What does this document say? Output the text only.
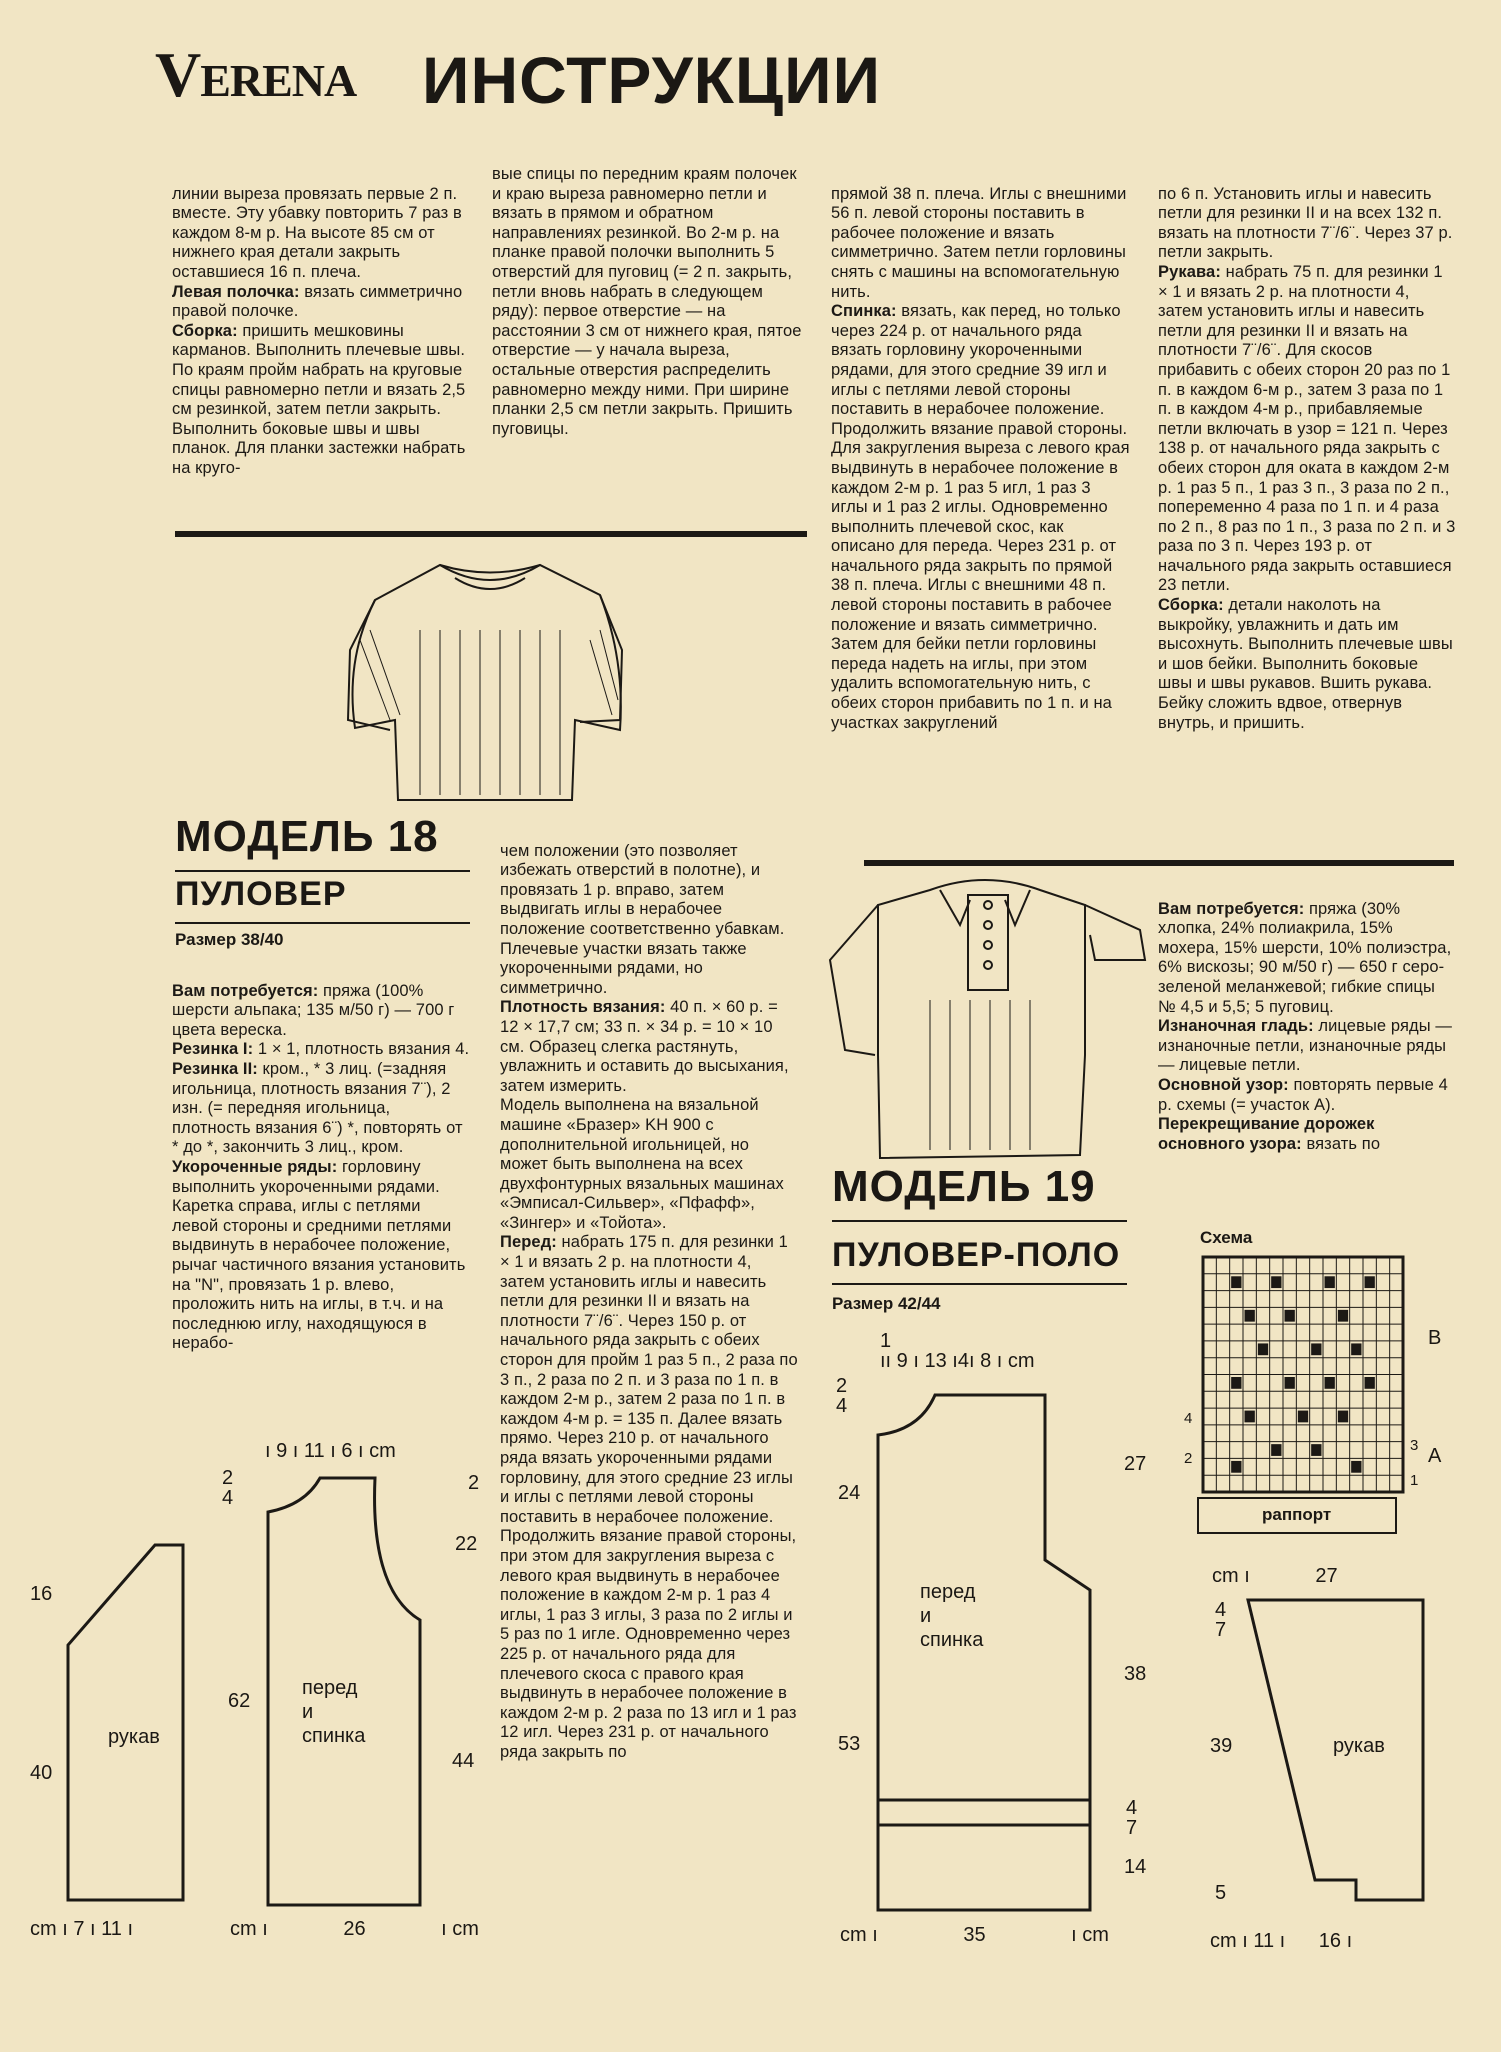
VERENA ИНСТРУКЦИИ

линии выреза провязать первые 2 п. вместе. Эту убавку повторить 7 раз в каждом 8-м р. На высоте 85 см от нижнего края детали закрыть оставшиеся 16 п. плеча.
Левая полочка: вязать симметрично правой полочке.
Сборка: пришить мешковины карманов. Выполнить плечевые швы. По краям пройм набрать на круговые спицы равномерно петли и вязать 2,5 см резинкой, затем петли закрыть. Выполнить боковые швы и швы планок. Для планки застежки набрать на круго-

вые спицы по передним краям полочек и краю выреза равномерно петли и вязать в прямом и обратном направлениях резинкой. Во 2-м р. на планке правой полочки выполнить 5 отверстий для пуговиц (= 2 п. закрыть, петли вновь набрать в следующем ряду): первое отверстие — на расстоянии 3 см от нижнего края, пятое отверстие — у начала выреза, остальные отверстия распределить равномерно между ними. При ширине планки 2,5 см петли закрыть. Пришить пуговицы.

прямой 38 п. плеча. Иглы с внешними 56 п. левой стороны поставить в рабочее положение и вязать симметрично. Затем петли горловины снять с машины на вспомогательную нить.
Спинка: вязать, как перед, но только через 224 р. от начального ряда вязать горловину укороченными рядами, для этого средние 39 игл и иглы с петлями левой стороны поставить в нерабочее положение. Продолжить вязание правой стороны. Для закругления выреза с левого края выдвинуть в нерабочее положение в каждом 2-м р. 1 раз 5 игл, 1 раз 3 иглы и 1 раз 2 иглы. Одновременно выполнить плечевой скос, как описано для переда. Через 231 р. от начального ряда закрыть по прямой 38 п. плеча. Иглы с внешними 48 п. левой стороны поставить в рабочее положение и вязать симметрично. Затем для бейки петли горловины переда надеть на иглы, при этом удалить вспомогательную нить, с обеих сторон прибавить по 1 п. и на участках закруглений

по 6 п. Установить иглы и навесить петли для резинки II и на всех 132 п. вязать на плотности 7¨/6¨. Через 37 р. петли закрыть.
Рукава: набрать 75 п. для резинки 1 × 1 и вязать 2 р. на плотности 4, затем установить иглы и навесить петли для резинки II и вязать на плотности 7¨/6¨. Для скосов прибавить с обеих сторон 20 раз по 1 п. в каждом 6-м р., затем 3 раза по 1 п. в каждом 4-м р., прибавляемые петли включать в узор = 121 п. Через 138 р. от начального ряда закрыть с обеих сторон для оката в каждом 2-м р. 1 раз 5 п., 1 раз 3 п., 3 раза по 2 п., попеременно 4 раза по 1 п. и 4 раза по 2 п., 8 раз по 1 п., 3 раза по 2 п. и 3 раза по 3 п. Через 193 р. от начального ряда закрыть оставшиеся 23 петли.
Сборка: детали наколоть на выкройку, увлажнить и дать им высохнуть. Выполнить плечевые швы и шов бейки. Выполнить боковые швы и швы рукавов. Вшить рукава. Бейку сложить вдвое, отвернув внутрь, и пришить.

МОДЕЛЬ 18
ПУЛОВЕР
Размер 38/40

Вам потребуется: пряжа (100% шерсти альпака; 135 м/50 г) — 700 г цвета вереска.
Резинка I: 1 × 1, плотность вязания 4.
Резинка II: кром., * 3 лиц. (=задняя игольница, плотность вязания 7¨), 2 изн. (= передняя игольница, плотность вязания 6¨) *, повторять от * до *, закончить 3 лиц., кром.
Укороченные ряды: горловину выполнить укороченными рядами. Каретка справа, иглы с петлями левой стороны и средними петлями выдвинуть в нерабочее положение, рычаг частичного вязания установить на "N", провязать 1 р. влево, проложить нить на иглы, в т.ч. и на последнюю иглу, находящуюся в нерабо-

чем положении (это позволяет избежать отверстий в полотне), и провязать 1 р. вправо, затем выдвигать иглы в нерабочее положение соответственно убавкам. Плечевые участки вязать также укороченными рядами, но симметрично.
Плотность вязания: 40 п. × 60 р. = 12 × 17,7 см; 33 п. × 34 р. = 10 × 10 см. Образец слегка растянуть, увлажнить и оставить до высыхания, затем измерить.
Модель выполнена на вязальной машине «Бразер» KH 900 с дополнительной игольницей, но может быть выполнена на всех двухфонтурных вязальных машинах «Эмписал-Сильвер», «Пфафф», «Зингер» и «Тойота».
Перед: набрать 175 п. для резинки 1 × 1 и вязать 2 р. на плотности 4, затем установить иглы и навесить петли для резинки II и вязать на плотности 7¨/6¨. Через 150 р. от начального ряда закрыть с обеих сторон для пройм 1 раз 5 п., 2 раза по 3 п., 2 раза по 2 п. и 3 раза по 1 п. в каждом 2-м р., затем 2 раза по 1 п. в каждом 4-м р. = 135 п. Далее вязать прямо. Через 210 р. от начального ряда вязать укороченными рядами горловину, для этого средние 23 иглы и иглы с петлями левой стороны поставить в нерабочее положение. Продолжить вязание правой стороны, при этом для закругления выреза с левого края выдвинуть в нерабочее положение в каждом 2-м р. 1 раз 4 иглы, 1 раз 3 иглы, 3 раза по 2 иглы и 5 раз по 1 игле. Одновременно через 225 р. от начального ряда для плечевого скоса с правого края выдвинуть в нерабочее положение в каждом 2-м р. 2 раза по 13 игл и 1 раз 12 игл. Через 231 р. от начального ряда закрыть по

МОДЕЛЬ 19
ПУЛОВЕР-ПОЛО
Размер 42/44

Вам потребуется: пряжа (30% хлопка, 24% полиакрила, 15% мохера, 15% шерсти, 10% полиэстра, 6% вискозы; 90 м/50 г) — 650 г серо-зеленой меланжевой; гибкие спицы № 4,5 и 5,5; 5 пуговиц.
Изнаночная гладь: лицевые ряды — изнаночные петли, изнаночные ряды — лицевые петли.
Основной узор: повторять первые 4 р. схемы (= участок А).
Перекрещивание дорожек основного узора: вязать по

рукав
16
40
cm ı 7 ı 11 ı
ı 9 ı 11 ı 6 ı cm
2
22
44
2
4
62
перед
и
спинка
cm ı	26	ı cm
1
ıı 9 ı 13 ı4ı 8 ı cm
2
4
24
53
27
38
4
7
14
перед
и
спинка
cm ı	35	ı cm
cm ı	27
4
7
39	рукав
5
cm ı 11 ı 16 ı
Схема
раппорт
B
A
4
3
2
1
